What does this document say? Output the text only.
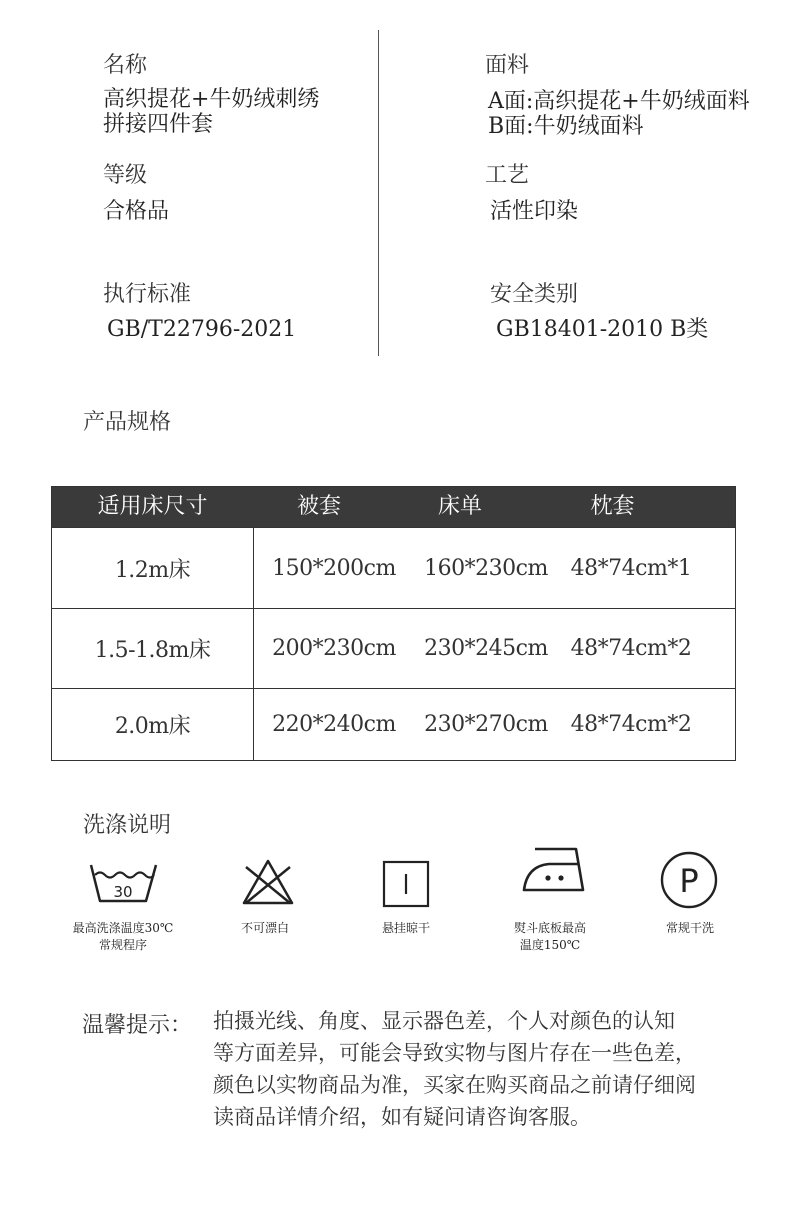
名称
高织提花+牛奶绒刺绣
拼接四件套
面料
A面:高织提花+牛奶绒面料
B面:牛奶绒面料
等级
合格品
工艺
活性印染
执行标准
GB/T22796-2021
安全类别
GB18401-2010 B类
产品规格
适用床尺寸	被套	床单	枕套
1.2m床	150*200cm	160*230cm	48*74cm*1
1.5-1.8m床	200*230cm	230*245cm	48*74cm*2
2.0m床	220*240cm	230*270cm	48*74cm*2
洗涤说明
30
最高洗涤温度30℃
常规程序
不可漂白	悬挂晾干	熨斗底板最高
温度150℃
P
常规干洗
温馨提示： 拍摄光线、角度、显示器色差，个人对颜色的认知
等方面差异，可能会导致实物与图片存在一些色差，
颜色以实物商品为准，买家在购买商品之前请仔细阅
读商品详情介绍，如有疑问请咨询客服。
